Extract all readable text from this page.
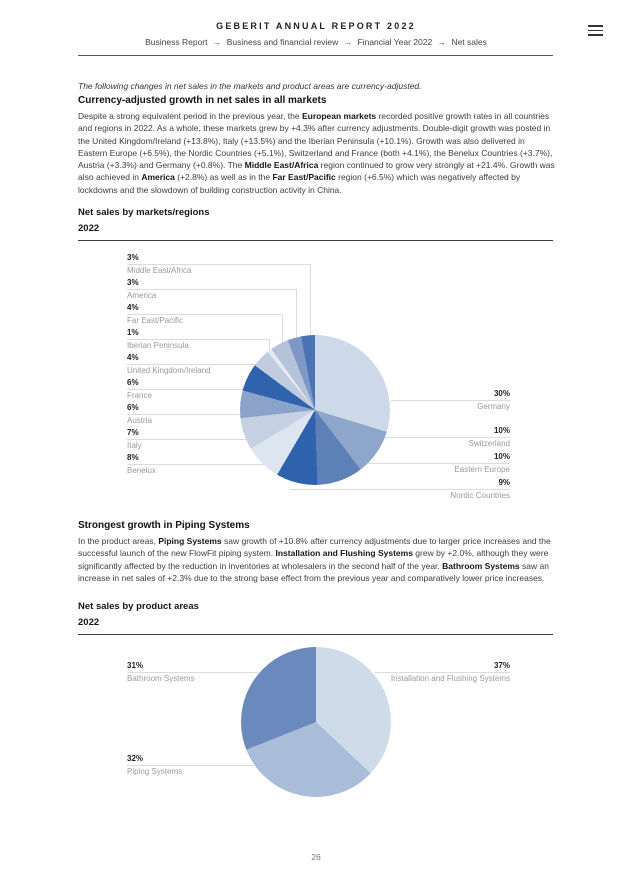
GEBERIT ANNUAL REPORT 2022
Business Report → Business and financial review → Financial Year 2022 → Net sales
The following changes in net sales in the markets and product areas are currency-adjusted.
Currency-adjusted growth in net sales in all markets
Despite a strong equivalent period in the previous year, the European markets recorded positive growth rates in all countries and regions in 2022. As a whole, these markets grew by +4.3% after currency adjustments. Double-digit growth was posted in the United Kingdom/Ireland (+13.8%), Italy (+13.5%) and the Iberian Peninsula (+10.1%). Growth was also delivered in Eastern Europe (+6.5%), the Nordic Countries (+5.1%), Switzerland and France (both +4.1%), the Benelux Countries (+3.7%), Austria (+3.3%) and Germany (+0.8%). The Middle East/Africa region continued to grow very strongly at +21.4%. Growth was also achieved in America (+2.8%) as well as in the Far East/Pacific region (+6.5%) which was negatively affected by lockdowns and the slowdown of building construction activity in China.
Net sales by markets/regions
2022
3%
Middle East/Africa
3%
America
4%
Far East/Pacific
1%
Iberian Peninsula
4%
United Kingdom/Ireland
6%
France
6%
Austria
7%
Italy
8%
Benelux
30%
Germany
10%
Switzerland
10%
Eastern Europe
9%
Nordic Countries
Strongest growth in Piping Systems
In the product areas, Piping Systems saw growth of +10.8% after currency adjustments due to larger price increases and the successful launch of the new FlowFit piping system. Installation and Flushing Systems grew by +2.0%, although they were significantly affected by the reduction in inventories at wholesalers in the second half of the year. Bathroom Systems saw an increase in net sales of +2.3% due to the strong base effect from the previous year and comparatively lower price increases.
Net sales by product areas
2022
31%
Bathroom Systems
37%
Installation and Flushing Systems
32%
Piping Systems
26
